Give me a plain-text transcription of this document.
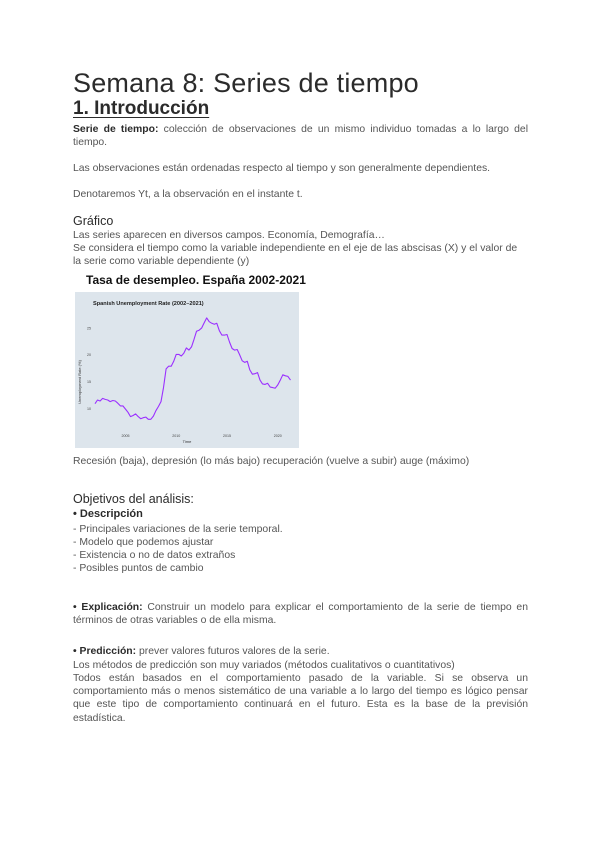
Semana 8: Series de tiempo
1. Introducción

Serie de tiempo: colección de observaciones de un mismo individuo tomadas a lo largo del tiempo.

Las observaciones están ordenadas respecto al tiempo y son generalmente dependientes.

Denotaremos Yt, a la observación en el instante t.

Gráfico

Las series aparecen en diversos campos. Economía, Demografía…

Se considera el tiempo como la variable independiente en el eje de las abscisas (X) y el valor de la serie como variable dependiente (y)

Tasa de desempleo. España 2002-2021

Spanish Unemployment Rate (2002–2021)
Time
Unemployment Rate (%)
10
15
20
25
2005	2010	2015	2020

Recesión (baja), depresión (lo más bajo) recuperación (vuelve a subir) auge (máximo)

Objetivos del análisis:

• Descripción

- Principales variaciones de la serie temporal.
- Modelo que podemos ajustar
- Existencia o no de datos extraños
- Posibles puntos de cambio

• Explicación: Construir un modelo para explicar el comportamiento de la serie de tiempo en términos de otras variables o de ella misma.

• Predicción: prever valores futuros valores de la serie.

Los métodos de predicción son muy variados (métodos cualitativos o cuantitativos)

Todos están basados en el comportamiento pasado de la variable. Si se observa un comportamiento más o menos sistemático de una variable a lo largo del tiempo es lógico pensar que este tipo de comportamiento continuará en el futuro. Esta es la base de la previsión estadística.
